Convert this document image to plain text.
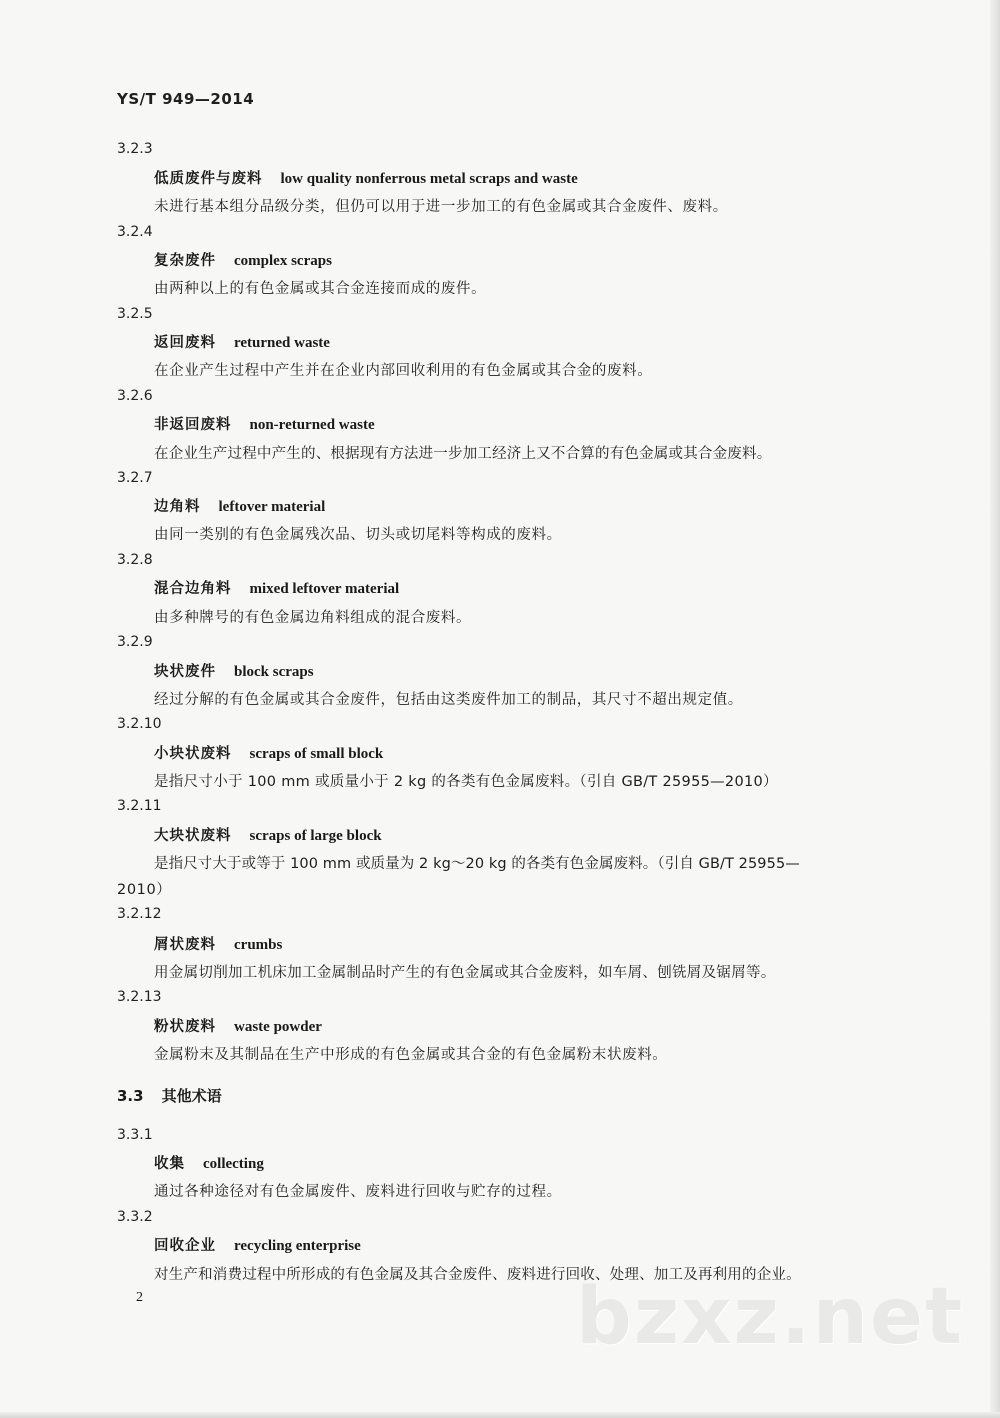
YS/T 949—2014
3.2.3
低质废件与废料 low quality nonferrous metal scraps and waste
未进行基本组分品级分类，但仍可以用于进一步加工的有色金属或其合金废件、废料。
3.2.4
复杂废件 complex scraps
由两种以上的有色金属或其合金连接而成的废件。
3.2.5
返回废料 returned waste
在企业产生过程中产生并在企业内部回收利用的有色金属或其合金的废料。
3.2.6
非返回废料 non-returned waste
在企业生产过程中产生的、根据现有方法进一步加工经济上又不合算的有色金属或其合金废料。
3.2.7
边角料 leftover material
由同一类别的有色金属残次品、切头或切尾料等构成的废料。
3.2.8
混合边角料 mixed leftover material
由多种牌号的有色金属边角料组成的混合废料。
3.2.9
块状废件 block scraps
经过分解的有色金属或其合金废件，包括由这类废件加工的制品，其尺寸不超出规定值。
3.2.10
小块状废料 scraps of small block
是指尺寸小于 100 mm 或质量小于 2 kg 的各类有色金属废料。（引自 GB/T 25955—2010）
3.2.11
大块状废料 scraps of large block
是指尺寸大于或等于 100 mm 或质量为 2 kg～20 kg 的各类有色金属废料。（引自 GB/T 25955—
2010）
3.2.12
屑状废料 crumbs
用金属切削加工机床加工金属制品时产生的有色金属或其合金废料，如车屑、刨铣屑及锯屑等。
3.2.13
粉状废料 waste powder
金属粉末及其制品在生产中形成的有色金属或其合金的有色金属粉末状废料。
3.3 其他术语
3.3.1
收集 collecting
通过各种途径对有色金属废件、废料进行回收与贮存的过程。
3.3.2
回收企业 recycling enterprise
对生产和消费过程中所形成的有色金属及其合金废件、废料进行回收、处理、加工及再利用的企业。
bzxz.net
2
